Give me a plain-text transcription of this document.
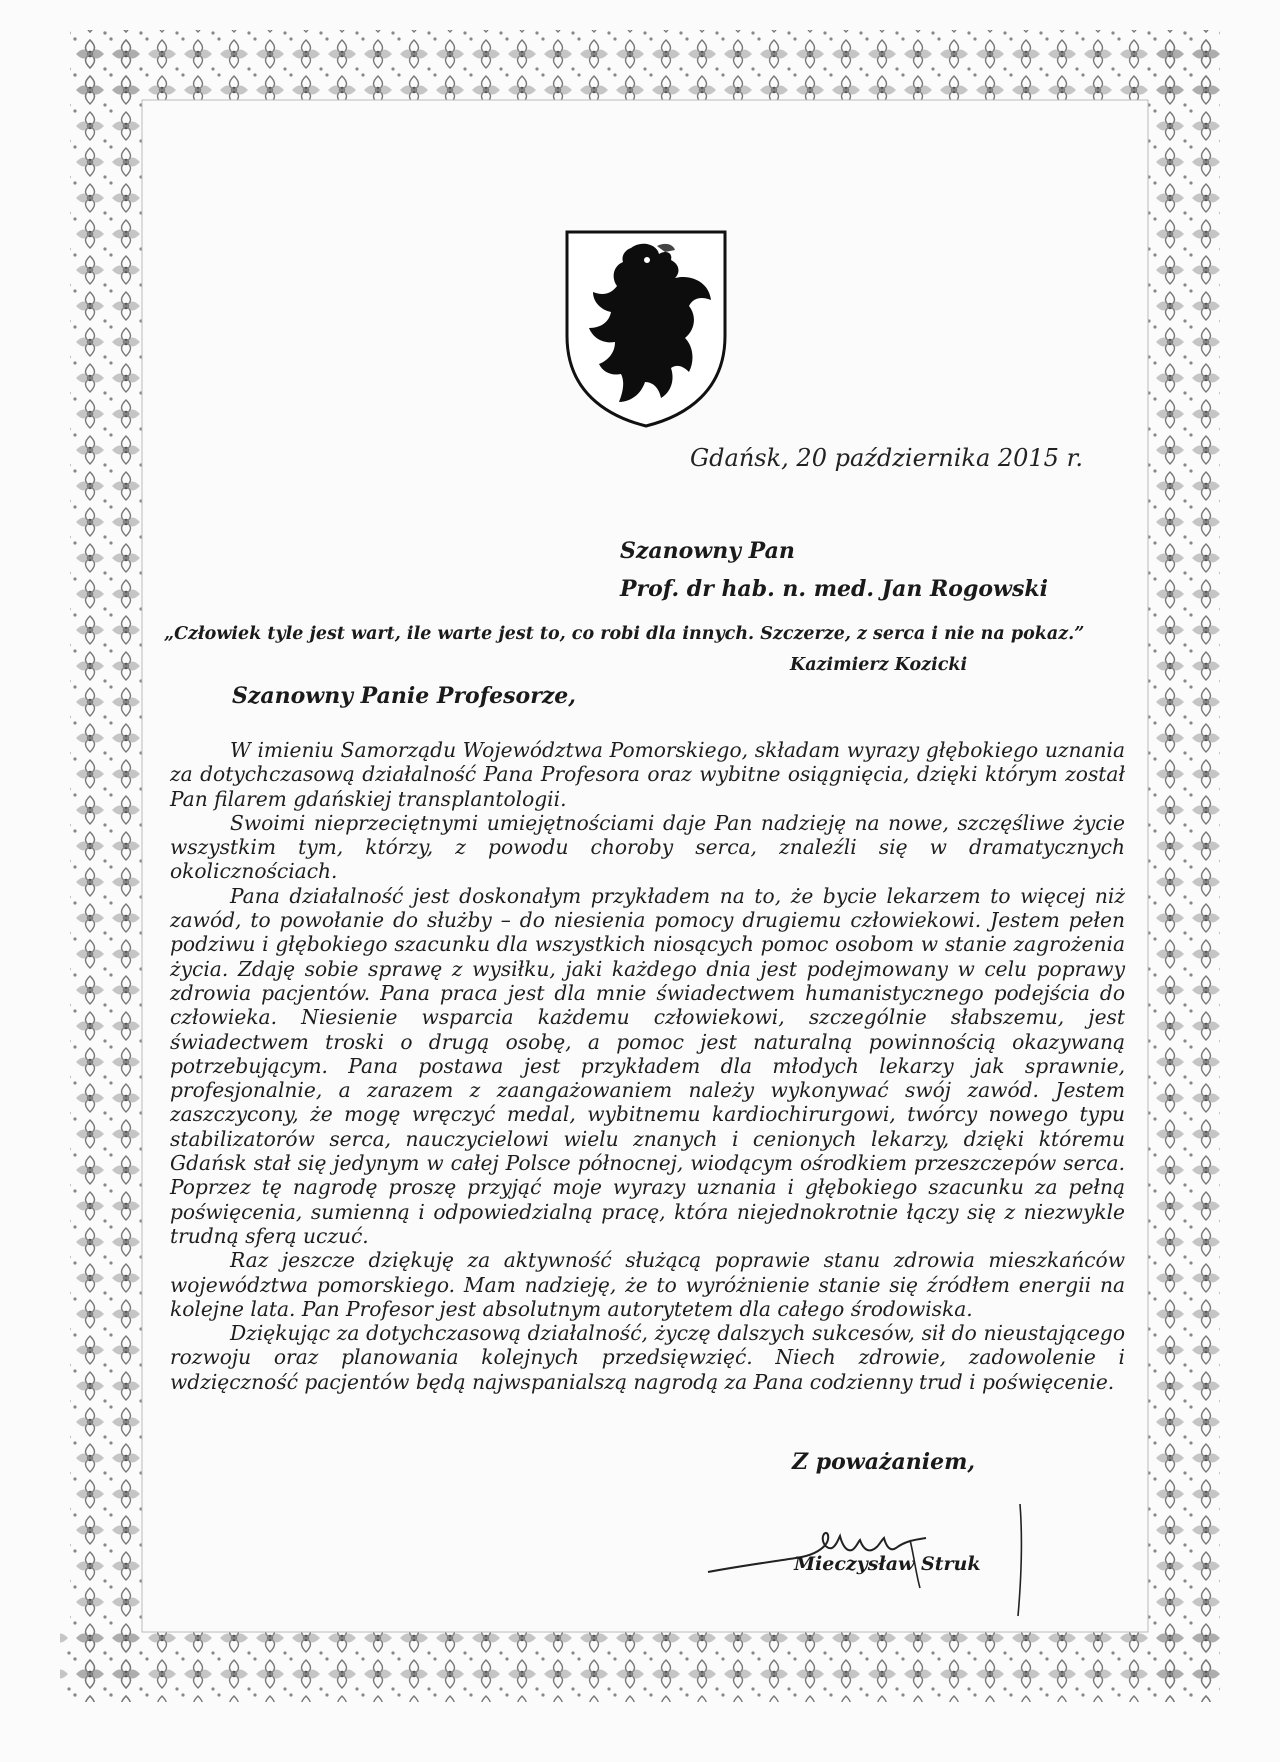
Gdańsk, 20 października 2015 r.
Szanowny Pan
Prof. dr hab. n. med. Jan Rogowski
„Człowiek tyle jest wart, ile warte jest to, co robi dla innych. Szczerze, z serca i nie na pokaz.”
Kazimierz Kozicki
Szanowny Panie Profesorze,

W imieniu Samorządu Województwa Pomorskiego, składam wyrazy głębokiego uznania za dotychczasową działalność Pana Profesora oraz wybitne osiągnięcia, dzięki którym został Pan filarem gdańskiej transplantologii.

Swoimi nieprzeciętnymi umiejętnościami daje Pan nadzieję na nowe, szczęśliwe życie wszystkim tym, którzy, z powodu choroby serca, znaleźli się w dramatycznych okolicznościach.

Pana działalność jest doskonałym przykładem na to, że bycie lekarzem to więcej niż zawód, to powołanie do służby – do niesienia pomocy drugiemu człowiekowi. Jestem pełen podziwu i głębokiego szacunku dla wszystkich niosących pomoc osobom w stanie zagrożenia życia. Zdaję sobie sprawę z wysiłku, jaki każdego dnia jest podejmowany w celu poprawy zdrowia pacjentów. Pana praca jest dla mnie świadectwem humanistycznego podejścia do człowieka. Niesienie wsparcia każdemu człowiekowi, szczególnie słabszemu, jest świadectwem troski o drugą osobę, a pomoc jest naturalną powinnością okazywaną potrzebującym. Pana postawa jest przykładem dla młodych lekarzy jak sprawnie, profesjonalnie, a zarazem z zaangażowaniem należy wykonywać swój zawód. Jestem zaszczycony, że mogę wręczyć medal, wybitnemu kardiochirurgowi, twórcy nowego typu stabilizatorów serca, nauczycielowi wielu znanych i cenionych lekarzy, dzięki któremu Gdańsk stał się jedynym w całej Polsce północnej, wiodącym ośrodkiem przeszczepów serca. Poprzez tę nagrodę proszę przyjąć moje wyrazy uznania i głębokiego szacunku za pełną poświęcenia, sumienną i odpowiedzialną pracę, która niejednokrotnie łączy się z niezwykle trudną sferą uczuć.

Raz jeszcze dziękuję za aktywność służącą poprawie stanu zdrowia mieszkańców województwa pomorskiego. Mam nadzieję, że to wyróżnienie stanie się źródłem energii na kolejne lata. Pan Profesor jest absolutnym autorytetem dla całego środowiska.

Dziękując za dotychczasową działalność, życzę dalszych sukcesów, sił do nieustającego rozwoju oraz planowania kolejnych przedsięwzięć. Niech zdrowie, zadowolenie i wdzięczność pacjentów będą najwspanialszą nagrodą za Pana codzienny trud i poświęcenie.

Z poważaniem,
Mieczysław Struk
